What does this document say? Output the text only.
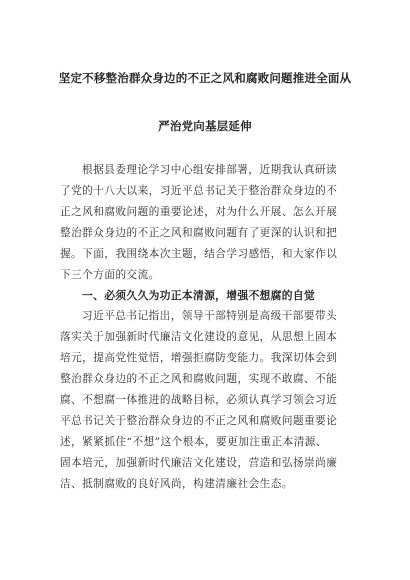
坚定不移整治群众身边的不正之风和腐败问题推进全面从
严治党向基层延伸
根据县委理论学习中心组安排部署，近期我认真研读
了党的十八大以来，习近平总书记关于整治群众身边的不
正之风和腐败问题的重要论述，对为什么开展、怎么开展
整治群众身边的不正之风和腐败问题有了更深的认识和把
握。下面，我围绕本次主题，结合学习感悟，和大家作以
下三个方面的交流。
一、必须久久为功正本清源，增强不想腐的自觉
习近平总书记指出，领导干部特别是高级干部要带头
落实关于加强新时代廉洁文化建设的意见，从思想上固本
培元，提高党性觉悟，增强拒腐防变能力。我深切体会到
整治群众身边的不正之风和腐败问题，实现不敢腐、不能
腐、不想腐一体推进的战略目标，必须认真学习领会习近
平总书记关于整治群众身边的不正之风和腐败问题重要论
述，紧紧抓住“不想”这个根本，要更加注重正本清源、
固本培元，加强新时代廉洁文化建设，营造和弘扬崇尚廉
洁、抵制腐败的良好风尚，构建清廉社会生态。
